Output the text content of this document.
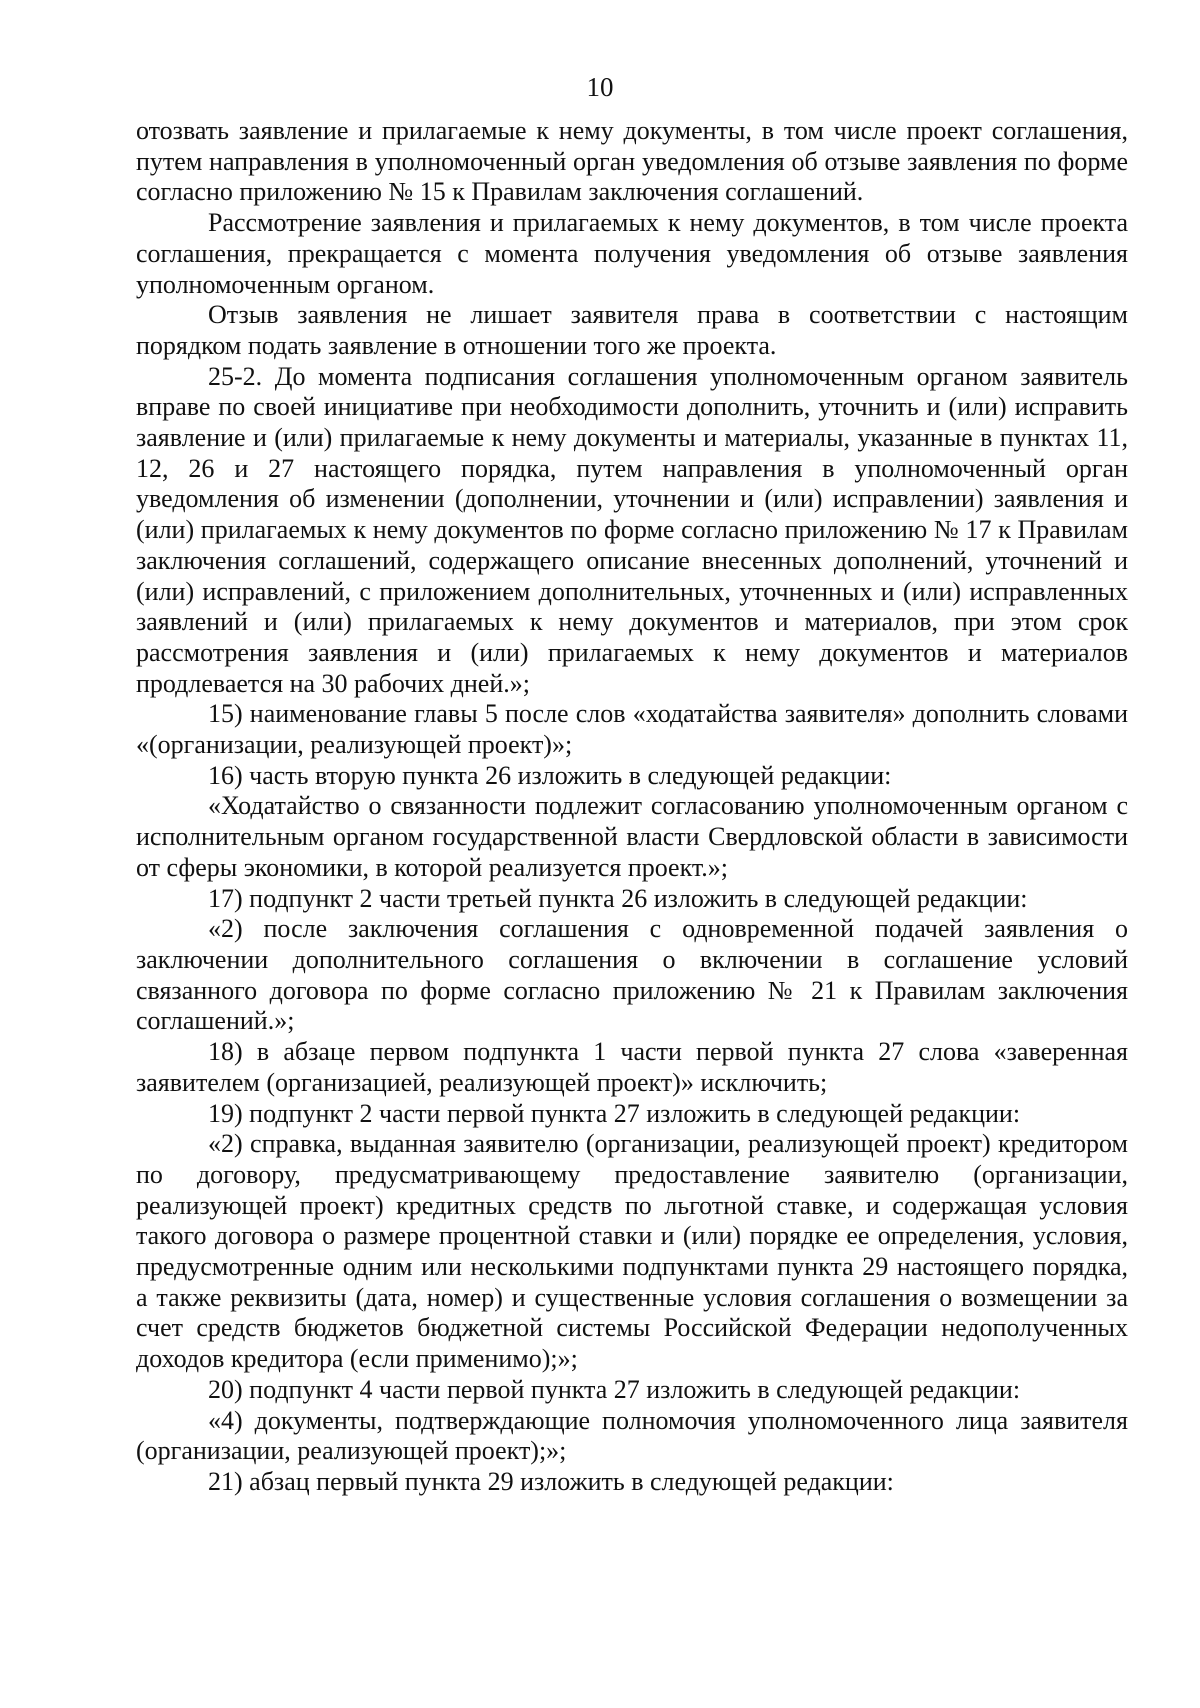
10

отозвать заявление и прилагаемые к нему документы, в том числе проект соглашения, путем направления в уполномоченный орган уведомления об отзыве заявления по форме согласно приложению № 15 к Правилам заключения соглашений.

Рассмотрение заявления и прилагаемых к нему документов, в том числе проекта соглашения, прекращается с момента получения уведомления об отзыве заявления уполномоченным органом.

Отзыв заявления не лишает заявителя права в соответствии с настоящим порядком подать заявление в отношении того же проекта.

25-2. До момента подписания соглашения уполномоченным органом заявитель вправе по своей инициативе при необходимости дополнить, уточнить и (или) исправить заявление и (или) прилагаемые к нему документы и материалы, указанные в пунктах 11, 12, 26 и 27 настоящего порядка, путем направления в уполномоченный орган уведомления об изменении (дополнении, уточнении и (или) исправлении) заявления и (или) прилагаемых к нему документов по форме согласно приложению № 17 к Правилам заключения соглашений, содержащего описание внесенных дополнений, уточнений и (или) исправлений, с приложением дополнительных, уточненных и (или) исправленных заявлений и (или) прилагаемых к нему документов и материалов, при этом срок рассмотрения заявления и (или) прилагаемых к нему документов и материалов продлевается на 30 рабочих дней.»;

15) наименование главы 5 после слов «ходатайства заявителя» дополнить словами «(организации, реализующей проект)»;

16) часть вторую пункта 26 изложить в следующей редакции:

«Ходатайство о связанности подлежит согласованию уполномоченным органом с исполнительным органом государственной власти Свердловской области в зависимости от сферы экономики, в которой реализуется проект.»;

17) подпункт 2 части третьей пункта 26 изложить в следующей редакции:

«2) после заключения соглашения с одновременной подачей заявления о заключении дополнительного соглашения о включении в соглашение условий связанного договора по форме согласно приложению № 21 к Правилам заключения соглашений.»;

18) в абзаце первом подпункта 1 части первой пункта 27 слова «заверенная заявителем (организацией, реализующей проект)» исключить;

19) подпункт 2 части первой пункта 27 изложить в следующей редакции:

«2) справка, выданная заявителю (организации, реализующей проект) кредитором по договору, предусматривающему предоставление заявителю (организации, реализующей проект) кредитных средств по льготной ставке, и содержащая условия такого договора о размере процентной ставки и (или) порядке ее определения, условия, предусмотренные одним или несколькими подпунктами пункта 29 настоящего порядка, а также реквизиты (дата, номер) и существенные условия соглашения о возмещении за счет средств бюджетов бюджетной системы Российской Федерации недополученных доходов кредитора (если применимо);»;

20) подпункт 4 части первой пункта 27 изложить в следующей редакции:

«4) документы, подтверждающие полномочия уполномоченного лица заявителя (организации, реализующей проект);»;

21) абзац первый пункта 29 изложить в следующей редакции:
